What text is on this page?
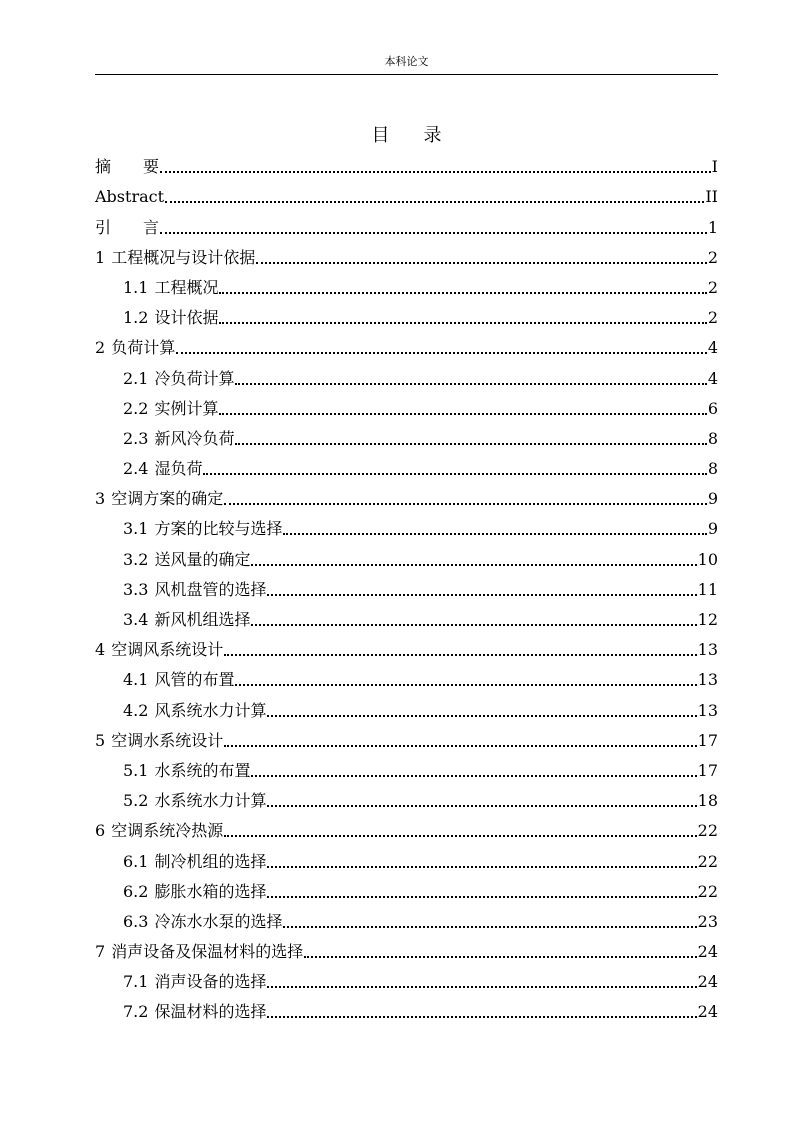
本科论文
目 录
摘　　要	I
Abstract	II
引　　言	1
1 工程概况与设计依据	2
1.1 工程概况	2
1.2 设计依据	2
2 负荷计算	4
2.1 冷负荷计算	4
2.2 实例计算	6
2.3 新风冷负荷	8
2.4 湿负荷	8
3 空调方案的确定	9
3.1 方案的比较与选择	9
3.2 送风量的确定	10
3.3 风机盘管的选择	11
3.4 新风机组选择	12
4 空调风系统设计	13
4.1 风管的布置	13
4.2 风系统水力计算	13
5 空调水系统设计	17
5.1 水系统的布置	17
5.2 水系统水力计算	18
6 空调系统冷热源	22
6.1 制冷机组的选择	22
6.2 膨胀水箱的选择	22
6.3 冷冻水水泵的选择	23
7 消声设备及保温材料的选择	24
7.1 消声设备的选择	24
7.2 保温材料的选择	24
